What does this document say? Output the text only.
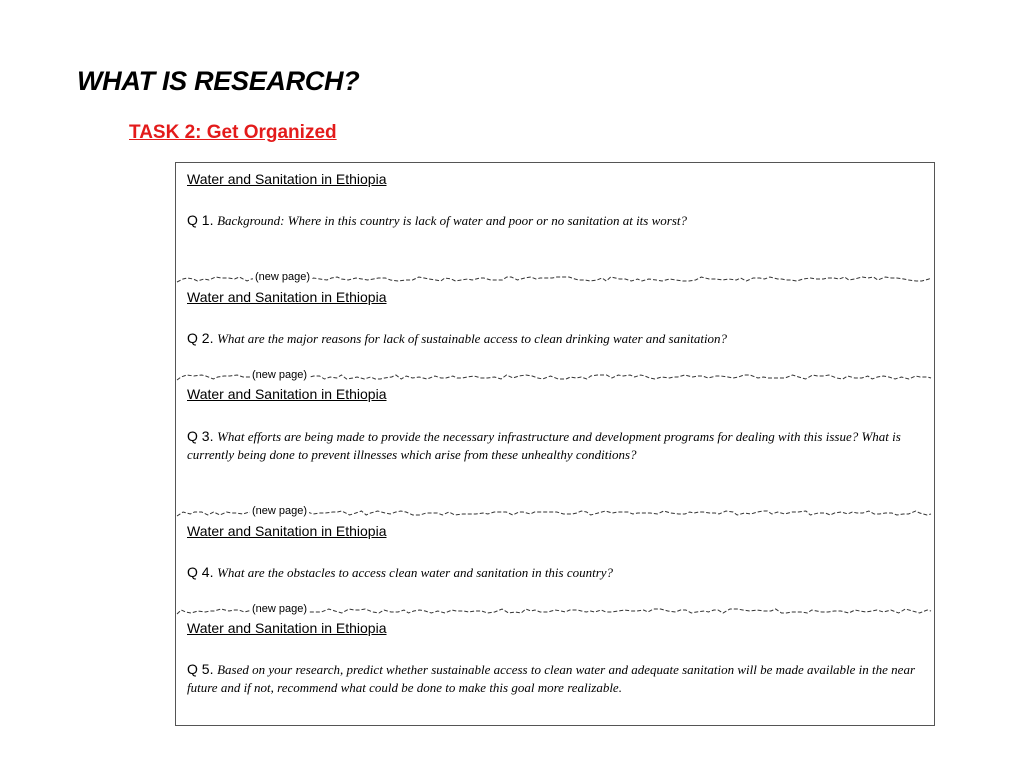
WHAT IS RESEARCH?
TASK 2: Get Organized
Water and Sanitation in Ethiopia
Q 1. Background: Where in this country is lack of water and poor or no sanitation at its worst?
(new page)
Water and Sanitation in Ethiopia
Q 2. What are the major reasons for lack of sustainable access to clean drinking water and sanitation?
(new page)
Water and Sanitation in Ethiopia
Q 3. What efforts are being made to provide the necessary infrastructure and development programs for dealing with this issue? What is currently being done to prevent illnesses which arise from these unhealthy conditions?
(new page)
Water and Sanitation in Ethiopia
Q 4. What are the obstacles to access clean water and sanitation in this country?
(new page)
Water and Sanitation in Ethiopia
Q 5. Based on your research, predict whether sustainable access to clean water and adequate sanitation will be made available in the near future and if not, recommend what could be done to make this goal more realizable.
